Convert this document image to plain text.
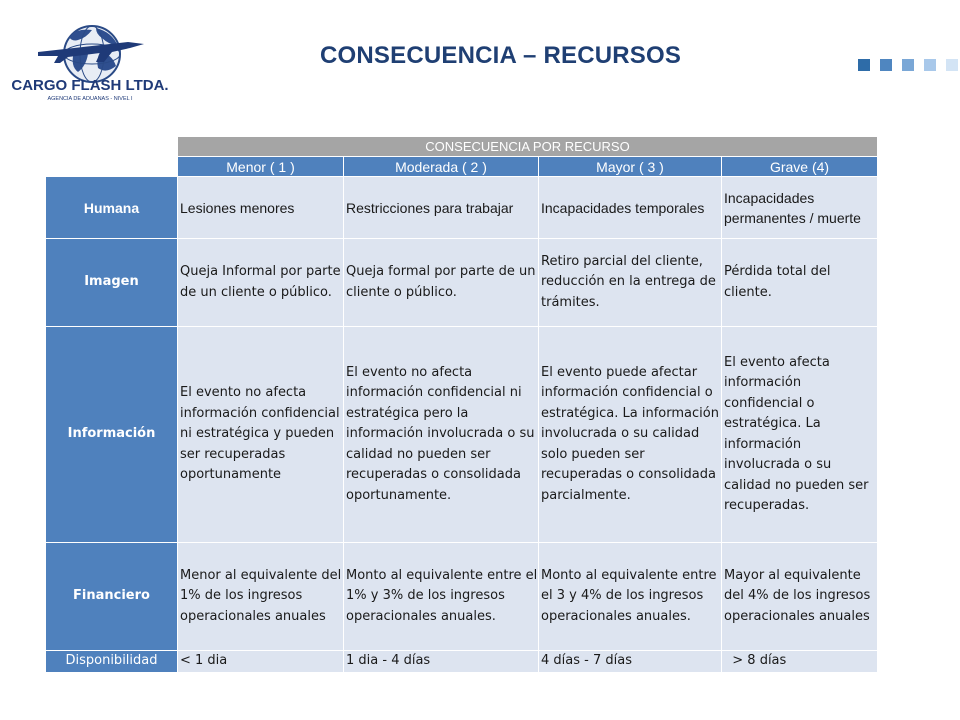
CARGO FLASH LTDA.
AGENCIA DE ADUANAS - NIVEL I
CONSECUENCIA – RECURSOS
	CONSECUENCIA POR RECURSO			
	Menor ( 1 )	Moderada ( 2 )	Mayor ( 3 )	Grave (4)
Humana	Lesiones menores	Restricciones para trabajar	Incapacidades temporales	Incapacidades permanentes / muerte
Imagen	Queja Informal por parte de un cliente o público.	Queja formal por parte de un cliente o público.	Retiro parcial del cliente, reducción en la entrega de trámites.	Pérdida total del cliente.
Información	El evento no afecta información confidencial ni estratégica y pueden ser recuperadas oportunamente	El evento no afecta información confidencial ni estratégica pero la información involucrada o su calidad no pueden ser recuperadas o consolidada oportunamente.	El evento puede afectar información confidencial o estratégica. La información involucrada o su calidad solo pueden ser recuperadas o consolidada parcialmente.	El evento afecta información confidencial o estratégica. La información involucrada o su calidad no pueden ser recuperadas.
Financiero	Menor al equivalente del 1% de los ingresos operacionales anuales	Monto al equivalente entre el 1% y 3% de los ingresos operacionales anuales.	Monto al equivalente entre el 3 y 4% de los ingresos operacionales anuales.	Mayor al equivalente del 4% de los ingresos operacionales anuales
Disponibilidad	< 1 dia	1 dia - 4 días	4 días - 7 días	> 8 días
